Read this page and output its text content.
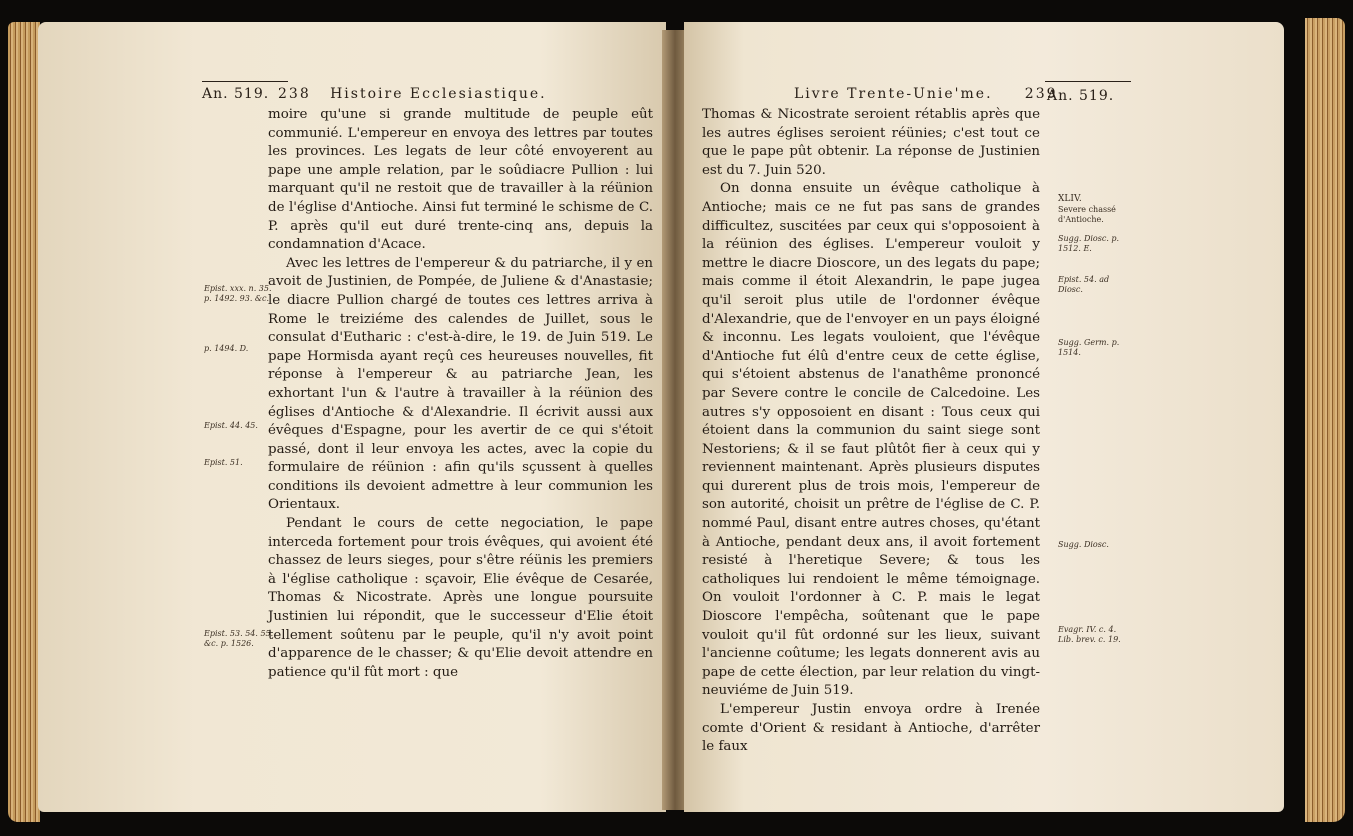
An. 519. 238 Histoire Ecclesiastique.
Epist. xxx. n. 35.
p. 1492. 93. &c.
p. 1494. D.
Epist. 44. 45.
Epist. 51.
Epist. 53. 54. 55.
&c. p. 1526.

moire qu'une si grande multitude de peuple eût communié. L'empereur en envoya des lettres par toutes les provinces. Les legats de leur côté envoyerent au pape une ample relation, par le soûdiacre Pullion : lui marquant qu'il ne restoit que de travailler à la réünion de l'église d'Antioche. Ainsi fut terminé le schisme de C. P. après qu'il eut duré trente-cinq ans, depuis la condamnation d'Acace.

Avec les lettres de l'empereur & du patriarche, il y en avoit de Justinien, de Pompée, de Juliene & d'Anastasie; le diacre Pullion chargé de toutes ces lettres arriva à Rome le treiziéme des calendes de Juillet, sous le consulat d'Eutharic : c'est-à-dire, le 19. de Juin 519. Le pape Hormisda ayant reçû ces heureuses nouvelles, fit réponse à l'empereur & au patriarche Jean, les exhortant l'un & l'autre à travailler à la réünion des églises d'Antioche & d'Alexandrie. Il écrivit aussi aux évêques d'Espagne, pour les avertir de ce qui s'étoit passé, dont il leur envoya les actes, avec la copie du formulaire de réünion : afin qu'ils sçussent à quelles conditions ils devoient admettre à leur communion les Orientaux.

Pendant le cours de cette negociation, le pape interceda fortement pour trois évêques, qui avoient été chassez de leurs sieges, pour s'être réünis les premiers à l'église catholique : sçavoir, Elie évêque de Cesarée, Thomas & Nicostrate. Après une longue poursuite Justinien lui répondit, que le successeur d'Elie étoit tellement soûtenu par le peuple, qu'il n'y avoit point d'apparence de le chasser; & qu'Elie devoit attendre en patience qu'il fût mort : que

Livre Trente-Unie'me. 239
An. 519.

Thomas & Nicostrate seroient rétablis après que les autres églises seroient réünies; c'est tout ce que le pape pût obtenir. La réponse de Justinien est du 7. Juin 520.

On donna ensuite un évêque catholique à Antioche; mais ce ne fut pas sans de grandes difficultez, suscitées par ceux qui s'opposoient à la réünion des églises. L'empereur vouloit y mettre le diacre Dioscore, un des legats du pape; mais comme il étoit Alexandrin, le pape jugea qu'il seroit plus utile de l'ordonner évêque d'Alexandrie, que de l'envoyer en un pays éloigné & inconnu. Les legats vouloient, que l'évêque d'Antioche fut élû d'entre ceux de cette église, qui s'étoient abstenus de l'anathême prononcé par Severe contre le concile de Calcedoine. Les autres s'y opposoient en disant : Tous ceux qui étoient dans la communion du saint siege sont Nestoriens; & il se faut plûtôt fier à ceux qui y reviennent maintenant. Après plusieurs disputes qui durerent plus de trois mois, l'empereur de son autorité, choisit un prêtre de l'église de C. P. nommé Paul, disant entre autres choses, qu'étant à Antioche, pendant deux ans, il avoit fortement resisté à l'heretique Severe; & tous les catholiques lui rendoient le même témoignage. On vouloit l'ordonner à C. P. mais le legat Dioscore l'empêcha, soûtenant que le pape vouloit qu'il fût ordonné sur les lieux, suivant l'ancienne coûtume; les legats donnerent avis au pape de cette élection, par leur relation du vingt-neuviéme de Juin 519.

L'empereur Justin envoya ordre à Irenée comte d'Orient & residant à Antioche, d'arrêter le faux

XLIV.
Severe chassé
d'Antioche.
Sugg. Diosc. p.
1512. E.
Epist. 54. ad
Diosc.
Sugg. Germ. p.
1514.
Sugg. Diosc.
Evagr. IV. c. 4.
Lib. brev. c. 19.
